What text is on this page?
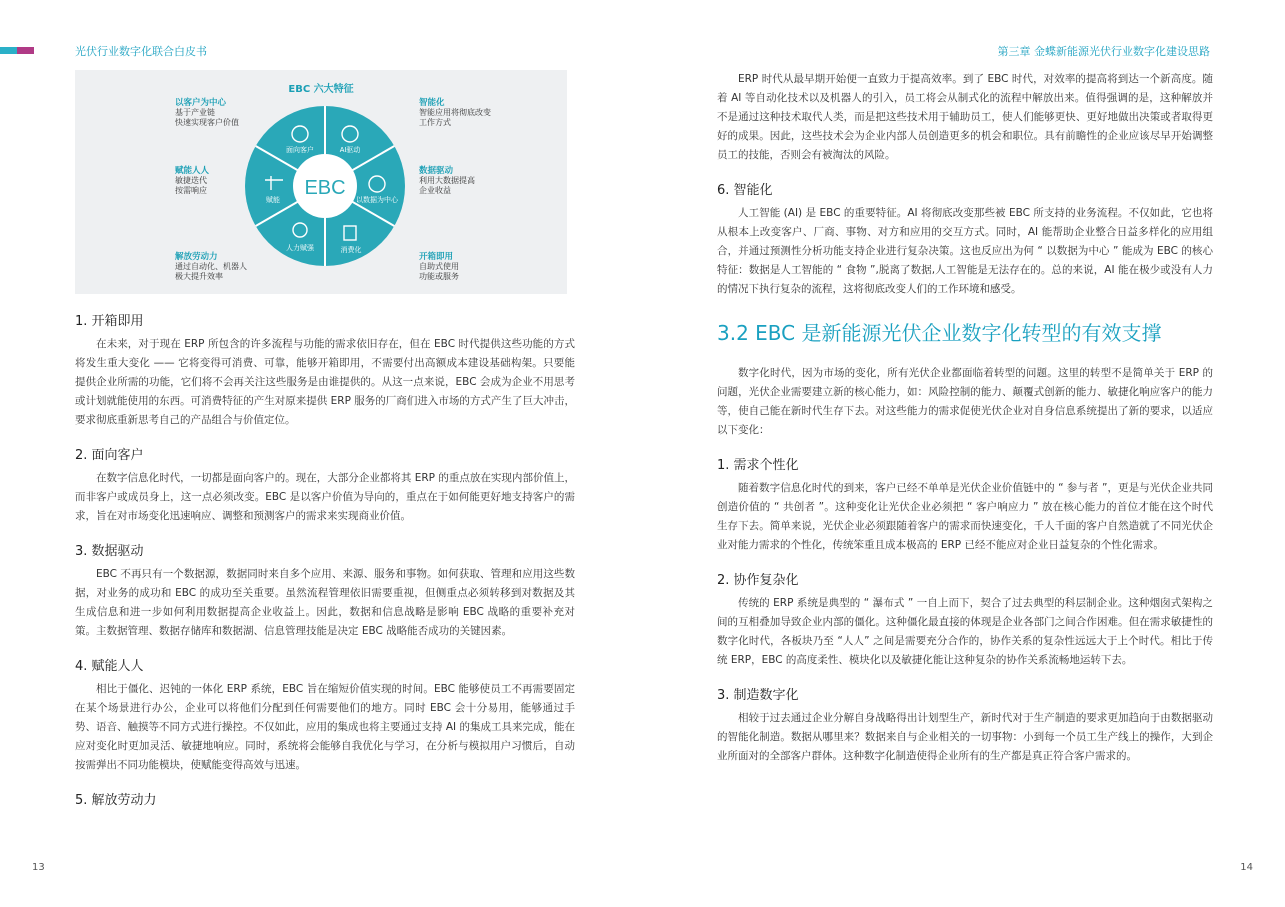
光伏行业数字化联合白皮书	第三章 金蝶新能源光伏行业数字化建设思路
EBC 六大特征
以客户为中心
基于产业链
快速实现客户价值
赋能人人
敏捷迭代
按需响应
解放劳动力
通过自动化、机器人
极大提升效率
智能化
智能应用将彻底改变
工作方式
数据驱动
利用大数据提高
企业收益
开箱即用
自助式使用
功能或服务
EBC
面向客户	AI驱动
以数据为中心
消费化
人力赋强
赋能
1. 开箱即用

在未来，对于现在 ERP 所包含的许多流程与功能的需求依旧存在，但在 EBC 时代提供这些功能的方式将发生重大变化 —— 它将变得可消费、可靠，能够开箱即用，不需要付出高额成本建设基础构架。只要能提供企业所需的功能，它们将不会再关注这些服务是由谁提供的。从这一点来说，EBC 会成为企业不用思考或计划就能使用的东西。可消费特征的产生对原来提供 ERP 服务的厂商们进入市场的方式产生了巨大冲击，要求彻底重新思考自己的产品组合与价值定位。

2. 面向客户

在数字信息化时代，一切都是面向客户的。现在，大部分企业都将其 ERP 的重点放在实现内部价值上，而非客户或成员身上，这一点必须改变。EBC 是以客户价值为导向的，重点在于如何能更好地支持客户的需求，旨在对市场变化迅速响应、调整和预测客户的需求来实现商业价值。

3. 数据驱动

EBC 不再只有一个数据源，数据同时来自多个应用、来源、服务和事物。如何获取、管理和应用这些数据，对业务的成功和 EBC 的成功至关重要。虽然流程管理依旧需要重视，但侧重点必须转移到对数据及其生成信息和进一步如何利用数据提高企业收益上。因此，数据和信息战略是影响 EBC 战略的重要补充对策。主数据管理、数据存储库和数据湖、信息管理技能是决定 EBC 战略能否成功的关键因素。

4. 赋能人人

相比于僵化、迟钝的一体化 ERP 系统，EBC 旨在缩短价值实现的时间。EBC 能够使员工不再需要固定在某个场景进行办公，企业可以将他们分配到任何需要他们的地方。同时 EBC 会十分易用，能够通过手势、语音、触摸等不同方式进行操控。不仅如此，应用的集成也将主要通过支持 AI 的集成工具来完成，能在应对变化时更加灵活、敏捷地响应。同时，系统将会能够自我优化与学习，在分析与模拟用户习惯后，自动按需弹出不同功能模块，使赋能变得高效与迅速。

5. 解放劳动力

ERP 时代从最早期开始便一直致力于提高效率。到了 EBC 时代，对效率的提高将到达一个新高度。随着 AI 等自动化技术以及机器人的引入，员工将会从制式化的流程中解放出来。值得强调的是，这种解放并不是通过这种技术取代人类，而是把这些技术用于辅助员工，使人们能够更快、更好地做出决策或者取得更好的成果。因此，这些技术会为企业内部人员创造更多的机会和职位。具有前瞻性的企业应该尽早开始调整员工的技能，否则会有被淘汰的风险。

6. 智能化

人工智能 (AI) 是 EBC 的重要特征。AI 将彻底改变那些被 EBC 所支持的业务流程。不仅如此，它也将从根本上改变客户、厂商、事物、对方和应用的交互方式。同时，AI 能帮助企业整合日益多样化的应用组合，并通过预测性分析功能支持企业进行复杂决策。这也反应出为何 “ 以数据为中心 ” 能成为 EBC 的核心特征：数据是人工智能的 “ 食物 ”,脱离了数据,人工智能是无法存在的。总的来说，AI 能在极少或没有人力的情况下执行复杂的流程，这将彻底改变人们的工作环境和感受。

3.2 EBC 是新能源光伏企业数字化转型的有效支撑

数字化时代，因为市场的变化，所有光伏企业都面临着转型的问题。这里的转型不是简单关于 ERP 的问题，光伏企业需要建立新的核心能力，如：风险控制的能力、颠覆式创新的能力、敏捷化响应客户的能力等，使自己能在新时代生存下去。对这些能力的需求促使光伏企业对自身信息系统提出了新的要求，以适应以下变化：

1. 需求个性化

随着数字信息化时代的到来，客户已经不单单是光伏企业价值链中的 “ 参与者 ”，更是与光伏企业共同创造价值的 “ 共创者 ”。这种变化让光伏企业必须把 “ 客户响应力 ” 放在核心能力的首位才能在这个时代生存下去。简单来说，光伏企业必须跟随着客户的需求而快速变化，千人千面的客户自然造就了不同光伏企业对能力需求的个性化，传统笨重且成本极高的 ERP 已经不能应对企业日益复杂的个性化需求。

2. 协作复杂化

传统的 ERP 系统是典型的 “ 瀑布式 ” 一自上而下，契合了过去典型的科层制企业。这种烟囱式架构之间的互相叠加导致企业内部的僵化。这种僵化最直接的体现是企业各部门之间合作困难。但在需求敏捷性的数字化时代，各板块乃至 “人人” 之间是需要充分合作的，协作关系的复杂性远远大于上个时代。相比于传统 ERP，EBC 的高度柔性、模块化以及敏捷化能让这种复杂的协作关系流畅地运转下去。

3. 制造数字化

相较于过去通过企业分解自身战略得出计划型生产，新时代对于生产制造的要求更加趋向于由数据驱动的智能化制造。数据从哪里来？数据来自与企业相关的一切事物：小到每一个员工生产线上的操作，大到企业所面对的全部客户群体。这种数字化制造使得企业所有的生产都是真正符合客户需求的。

13	14
